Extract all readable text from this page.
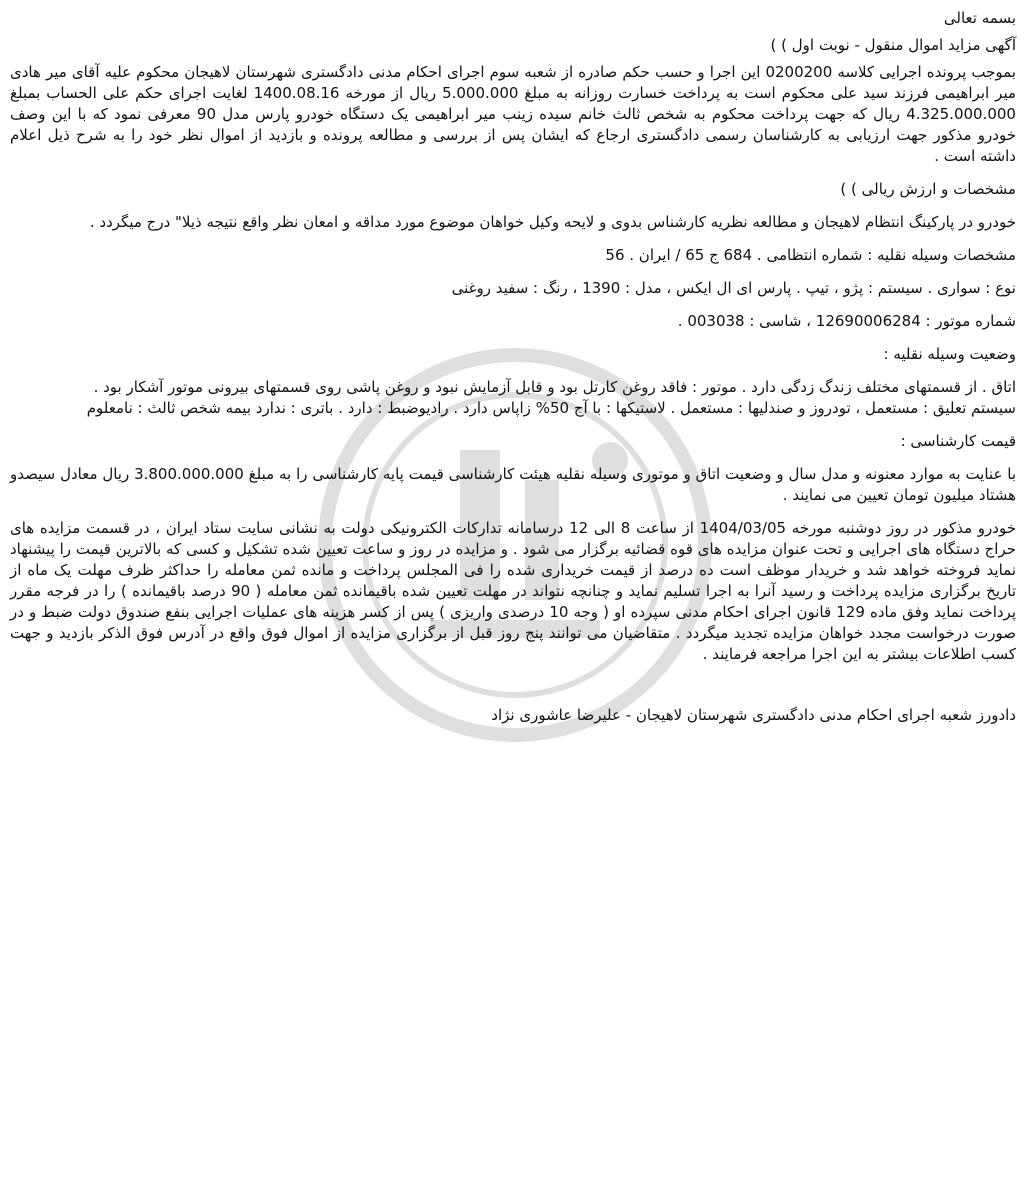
بسمه تعالی
آگهی مزاید اموال منقول - نوبت اول ) )
بموجب پرونده اجرایی کلاسه 0200200 این اجرا و حسب حکم صادره از شعبه سوم اجرای احکام مدنی دادگستری شهرستان لاهیجان محکوم علیه آقای میر هادی میر ابراهیمی فرزند سید علی محکوم است به پرداخت خسارت روزانه به مبلغ 5.000.000 ریال از مورخه 1400.08.16 لغایت اجرای حکم علی الحساب بمبلغ 4.325.000.000 ریال که جهت پرداخت محکوم به شخص ثالث خانم سیده زینب میر ابراهیمی یک دستگاه خودرو پارس مدل 90 معرفی نمود که با این وصف خودرو مذکور جهت ارزیابی به کارشناسان رسمی دادگستری ارجاع که ایشان پس از بررسی و مطالعه پرونده و بازدید از اموال نظر خود را به شرح ذیل اعلام داشته است .
مشخصات و ارزش ریالی ) )
خودرو در پارکینگ انتظام لاهیجان و مطالعه نظریه کارشناس بدوی و لایحه وکیل خواهان موضوع مورد مداقه و امعان نظر واقع نتیجه ذیلا" درج میگردد .
مشخصات وسیله نقلیه : شماره انتظامی . 684 ج 65 / ایران . 56
نوع : سواری . سیستم : پژو ، تیپ . پارس ای ال ایکس ، مدل : 1390 ، رنگ : سفید روغنی
شماره موتور : 12690006284 ، شاسی : 003038 .
وضعیت وسیله نقلیه :
اتاق . از قسمتهای مختلف زندگ زدگی دارد . موتور : فاقد روغن کارتل بود و قابل آزمایش نبود و روغن پاشی روی قسمتهای بیرونی موتور آشکار بود .
سیستم تعلیق : مستعمل ، تودروز و صندلیها : مستعمل . لاستیکها : با آج 50% زاپاس دارد . رادیوضبط : دارد . باتری : ندارد بیمه شخص ثالث : نامعلوم
قیمت کارشناسی :
با عنایت به موارد معنونه و مدل سال و وضعیت اتاق و موتوری وسیله نقلیه هیئت کارشناسی قیمت پایه کارشناسی را به مبلغ 3.800.000.000 ریال معادل سیصدو هشتاد میلیون تومان تعیین می نمایند .
خودرو مذکور در روز دوشنبه مورخه 1404/03/05 از ساعت 8 الی 12 درسامانه تدارکات الکترونیکی دولت به نشانی سایت ستاد ایران ، در قسمت مزایده های حراج دستگاه های اجرایی و تحت عنوان مزایده های قوه قضائیه برگزار می شود . و مزایده در روز و ساعت تعیین شده تشکیل و کسی که بالاترین قیمت را پیشنهاد نماید فروخته خواهد شد و خریدار موظف است ده درصد از قیمت خریداری شده را فی المجلس پرداخت و مانده ثمن معامله را حداکثر ظرف مهلت یک ماه از تاریخ برگزاری مزایده پرداخت و رسید آنرا به اجرا تسلیم نماید و چنانچه نتواند در مهلت تعیین شده باقیمانده ثمن معامله ( 90 درصد باقیمانده ) را در فرجه مقرر پرداخت نماید وفق ماده 129 قانون اجرای احکام مدنی سپرده او ( وجه 10 درصدی واریزی ) پس از کسر هزینه های عملیات اجرایی بنفع صندوق دولت ضبط و در صورت درخواست مجدد خواهان مزایده تجدید میگردد . متقاضیان می توانند پنج روز قبل از برگزاری مزایده از اموال فوق واقع در آدرس فوق الذکر بازدید و جهت کسب اطلاعات بیشتر به این اجرا مراجعه فرمایند .
دادورز شعبه اجرای احکام مدنی دادگستری شهرستان لاهیجان - علیرضا عاشوری نژاد
